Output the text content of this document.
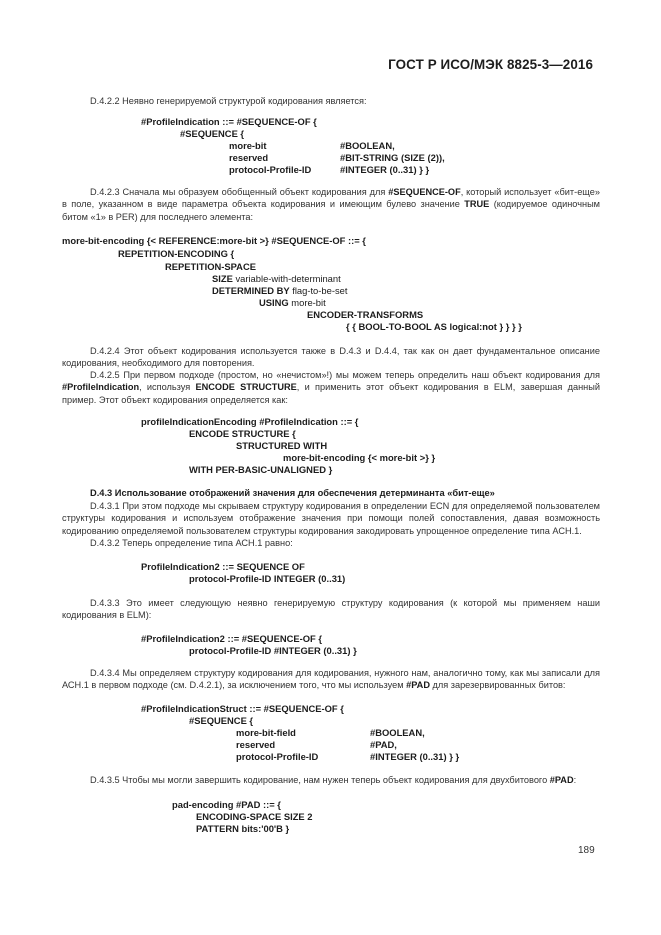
ГОСТ Р ИСО/МЭК 8825-3—2016
D.4.2.2 Неявно генерируемой структурой кодирования является:
#ProfileIndication ::= #SEQUENCE-OF {
#SEQUENCE {
more-bit	#BOOLEAN,
reserved	#BIT-STRING (SIZE (2)),
protocol-Profile-ID	#INTEGER (0..31) } }
D.4.2.3 Сначала мы образуем обобщенный объект кодирования для #SEQUENCE-OF, который использует «бит-еще» в поле, указанном в виде параметра объекта кодирования и имеющим булево значение TRUE (кодируемое одиночным битом «1» в PER) для последнего элемента:
more-bit-encoding {< REFERENCE:more-bit >} #SEQUENCE-OF ::= {
REPETITION-ENCODING {
REPETITION-SPACE
SIZE variable-with-determinant
DETERMINED BY flag-to-be-set
USING more-bit
ENCODER-TRANSFORMS
{ { BOOL-TO-BOOL AS logical:not } } } }
D.4.2.4 Этот объект кодирования используется также в D.4.3 и D.4.4, так как он дает фундаментальное описание кодирования, необходимого для повторения.
D.4.2.5 При первом подходе (простом, но «нечистом»!) мы можем теперь определить наш объект кодирования для #ProfileIndication, используя ENCODE STRUCTURE, и применить этот объект кодирования в ELM, завершая данный пример. Этот объект кодирования определяется как:
profileIndicationEncoding #ProfileIndication ::= {
ENCODE STRUCTURE {
STRUCTURED WITH
more-bit-encoding {< more-bit >} }
WITH PER-BASIC-UNALIGNED }
D.4.3 Использование отображений значения для обеспечения детерминанта «бит-еще»
D.4.3.1 При этом подходе мы скрываем структуру кодирования в определении ECN для определяемой пользователем структуры кодирования и используем отображение значения при помощи полей сопоставления, давая возможность кодированию определяемой пользователем структуры кодирования закодировать упрощенное определение типа АСН.1.
D.4.3.2 Теперь определение типа АСН.1 равно:
ProfileIndication2 ::= SEQUENCE OF
protocol-Profile-ID INTEGER (0..31)
D.4.3.3 Это имеет следующую неявно генерируемую структуру кодирования (к которой мы применяем наши кодирования в ELM):
#ProfileIndication2 ::= #SEQUENCE-OF {
protocol-Profile-ID #INTEGER (0..31) }
D.4.3.4 Мы определяем структуру кодирования для кодирования, нужного нам, аналогично тому, как мы записали для АСН.1 в первом подходе (см. D.4.2.1), за исключением того, что мы используем #PAD для зарезервированных битов:
#ProfileIndicationStruct ::= #SEQUENCE-OF {
#SEQUENCE {
more-bit-field	#BOOLEAN,
reserved	#PAD,
protocol-Profile-ID	#INTEGER (0..31) } }
D.4.3.5 Чтобы мы могли завершить кодирование, нам нужен теперь объект кодирования для двухбитового #PAD:
pad-encoding #PAD ::= {
ENCODING-SPACE SIZE 2
PATTERN bits:'00'B }
189
